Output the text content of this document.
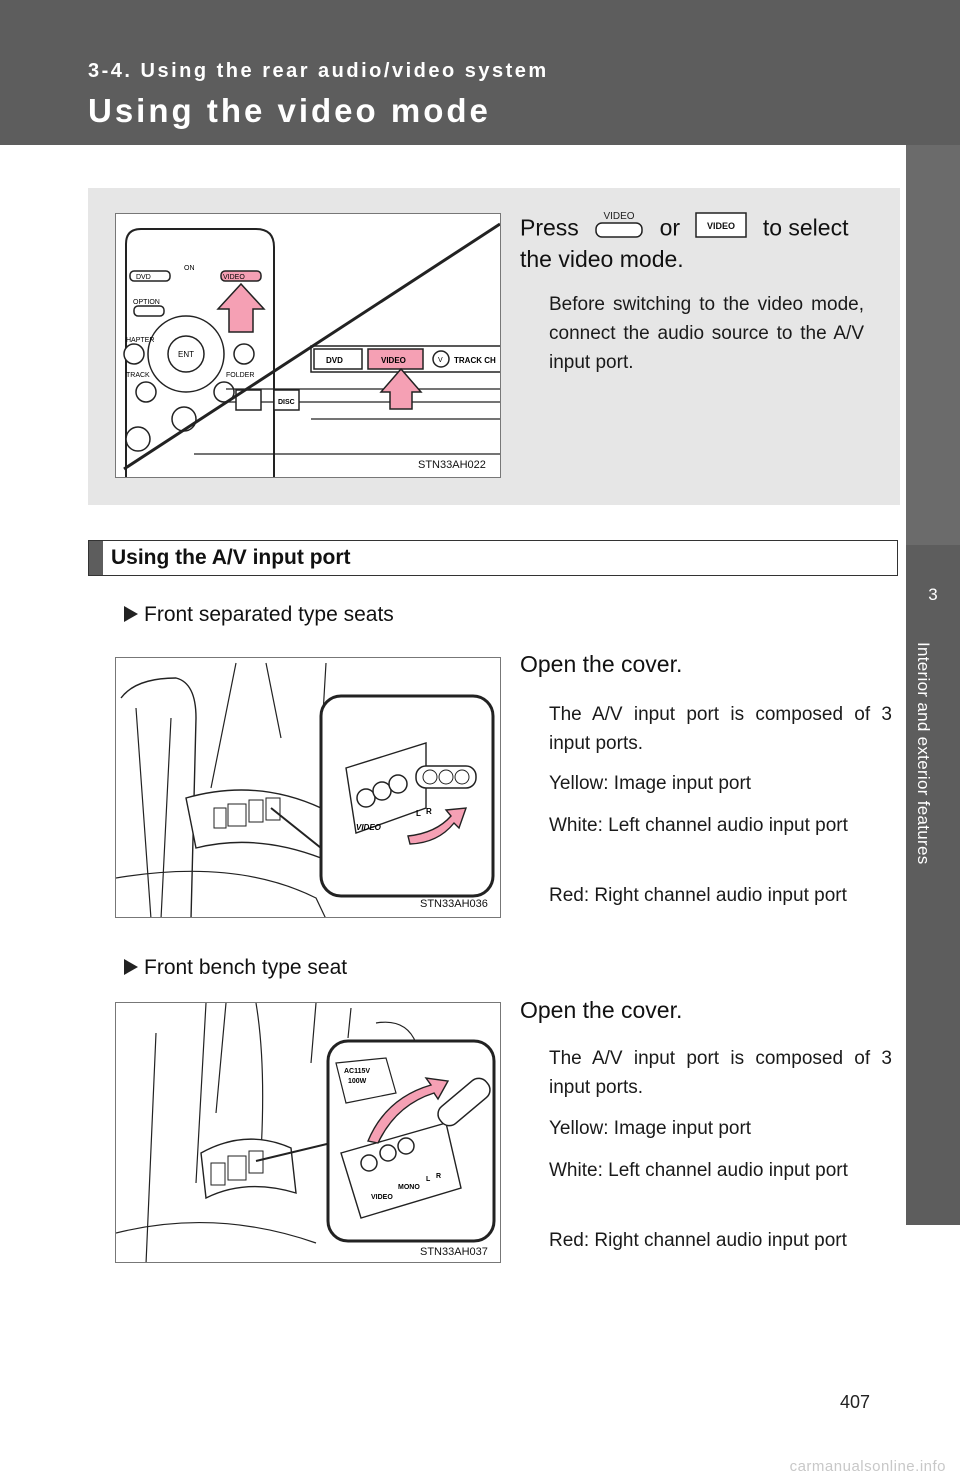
3-4. Using the rear audio/video system
Using the video mode
3
Interior and exterior features
ON
DVD	VIDEO
OPTION
HAPTER
ENT
TRACK	FOLDER
DISC
DVD	VIDEO	V TRACK CH
STN33AH022
Press VIDEO or	VIDEO to select
the video mode.
Before switching to the video mode, connect the audio source to the A/V input port.
Using the A/V input port
Front separated type seats
VIDEO
L R
STN33AH036
Open the cover.
The A/V input port is composed of 3 input ports.
Yellow: Image input port
White: Left channel audio input port
Red: Right channel audio input port
Front bench type seat
AC115V
100W
VIDEO
MONO
L R
STN33AH037
Open the cover.
The A/V input port is composed of 3 input ports.
Yellow: Image input port
White: Left channel audio input port
Red: Right channel audio input port
407
carmanualsonline.info
